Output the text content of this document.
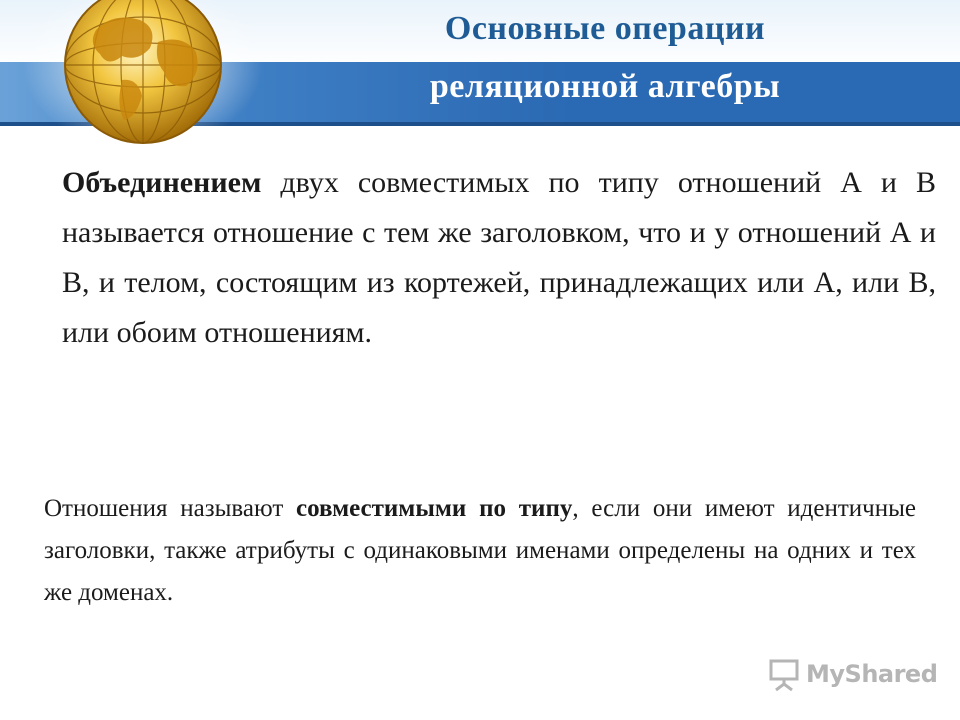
Основные операции
реляционной алгебры
Объединением двух совместимых по типу отношений А и В называется отношение с тем же заголовком, что и у отношений А и В, и телом, состоящим из кортежей, принадлежащих или А, или В, или обоим отношениям.
Отношения называют совместимыми по типу, если они имеют идентичные заголовки, также атрибуты с одинаковыми именами определены на одних и тех же доменах.
MyShared
